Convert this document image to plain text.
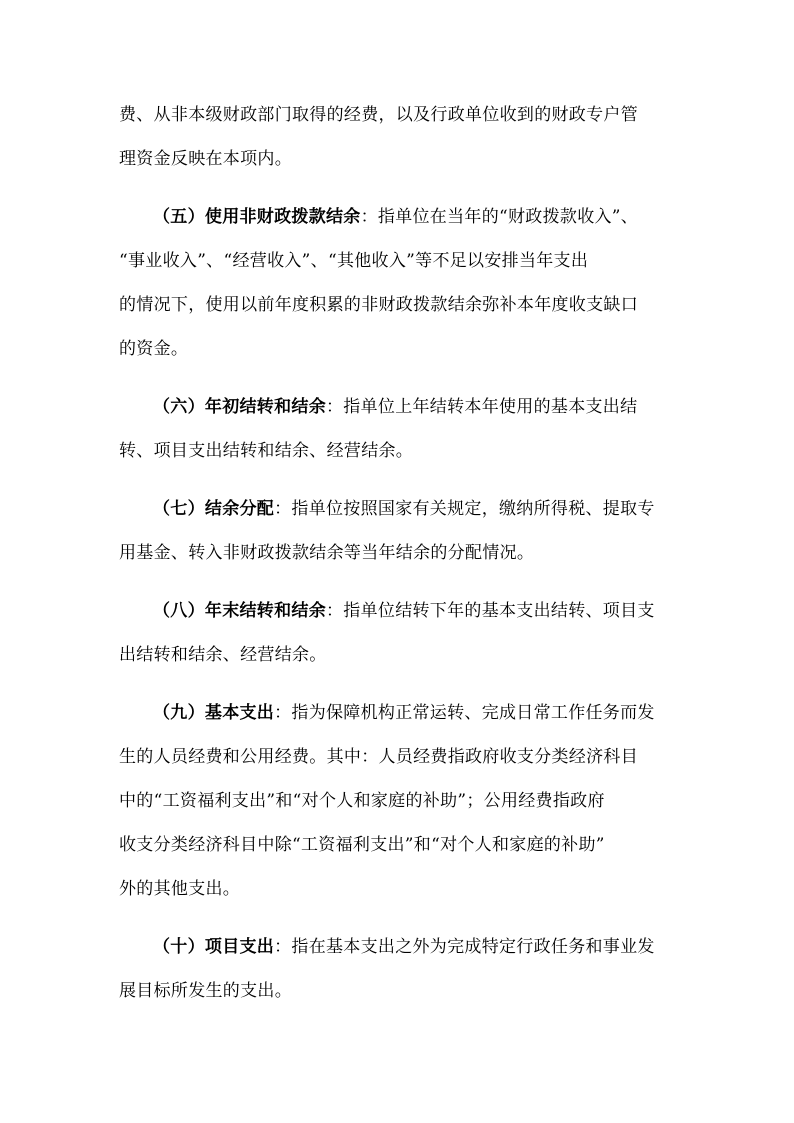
费、从非本级财政部门取得的经费，以及行政单位收到的财政专户管
理资金反映在本项内。
（五）使用非财政拨款结余：指单位在当年的“财政拨款收入”、
“事业收入”、“经营收入”、“其他收入”等不足以安排当年支出
的情况下，使用以前年度积累的非财政拨款结余弥补本年度收支缺口
的资金。
（六）年初结转和结余：指单位上年结转本年使用的基本支出结
转、项目支出结转和结余、经营结余。
（七）结余分配：指单位按照国家有关规定，缴纳所得税、提取专
用基金、转入非财政拨款结余等当年结余的分配情况。
（八）年末结转和结余：指单位结转下年的基本支出结转、项目支
出结转和结余、经营结余。
（九）基本支出：指为保障机构正常运转、完成日常工作任务而发
生的人员经费和公用经费。其中：人员经费指政府收支分类经济科目
中的“工资福利支出”和“对个人和家庭的补助”；公用经费指政府
收支分类经济科目中除“工资福利支出”和“对个人和家庭的补助”
外的其他支出。
（十）项目支出：指在基本支出之外为完成特定行政任务和事业发
展目标所发生的支出。
